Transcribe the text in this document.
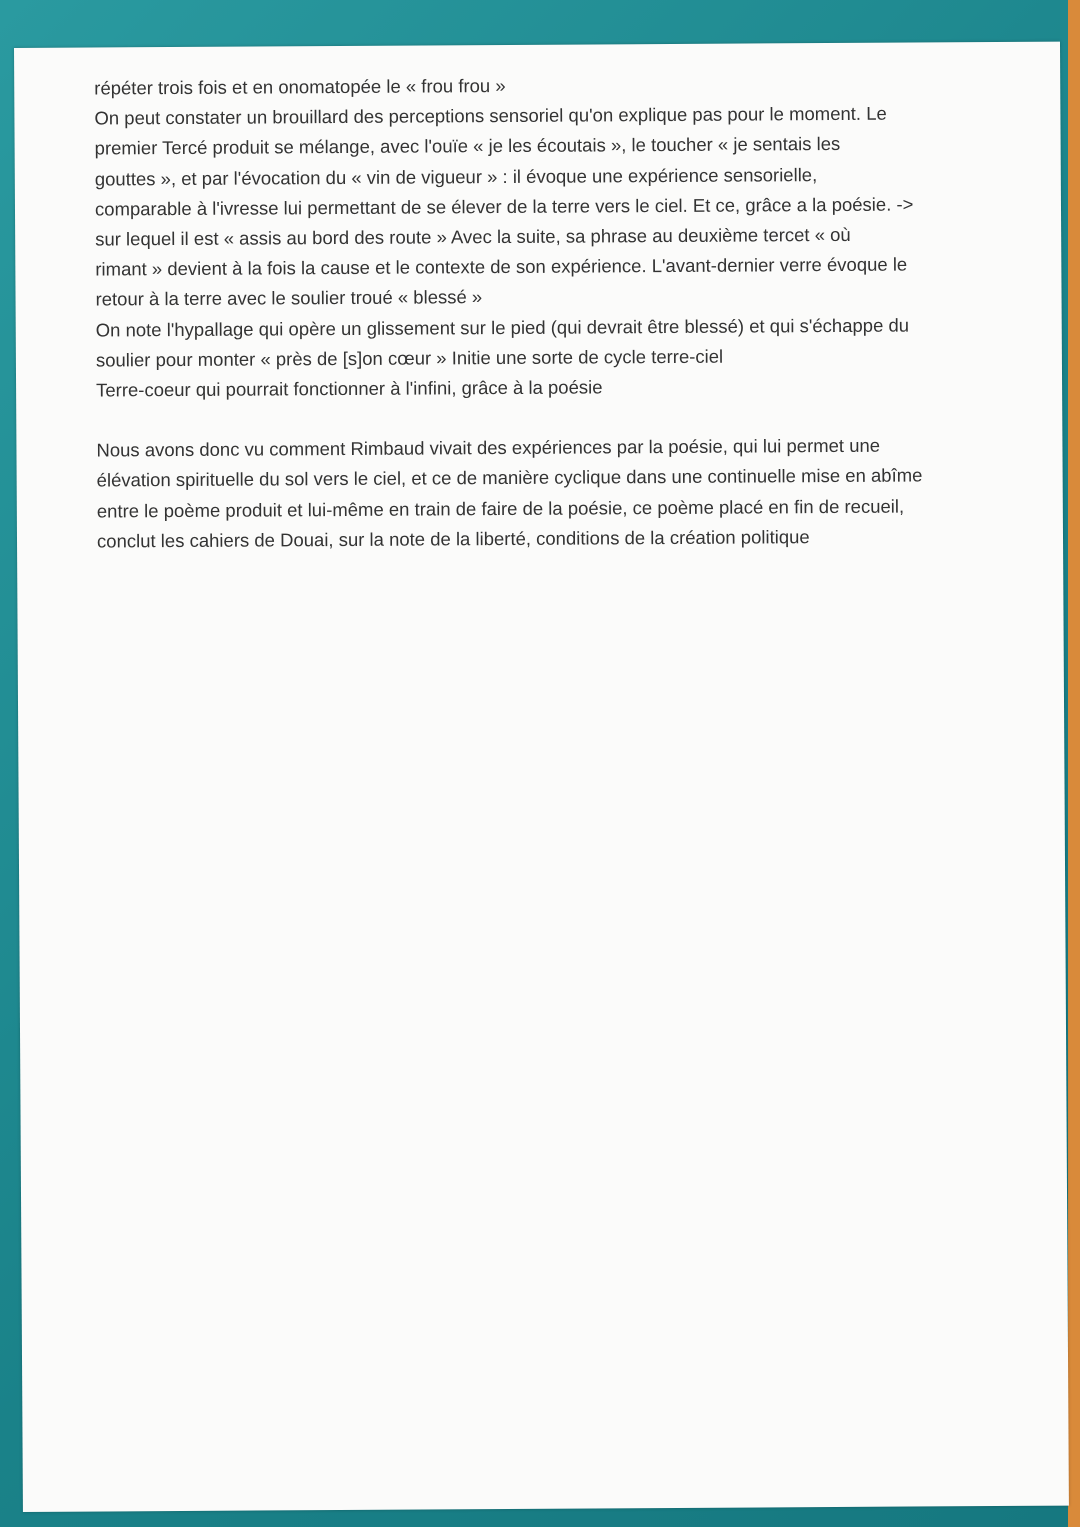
répéter trois fois et en onomatopée le « frou frou »
On peut constater un brouillard des perceptions sensoriel qu'on explique pas pour le moment. Le
premier Tercé produit se mélange, avec l'ouïe « je les écoutais », le toucher « je sentais les
gouttes », et par l'évocation du « vin de vigueur » : il évoque une expérience sensorielle,
comparable à l'ivresse lui permettant de se élever de la terre vers le ciel. Et ce, grâce a la poésie. ->
sur lequel il est « assis au bord des route » Avec la suite, sa phrase au deuxième tercet « où
rimant » devient à la fois la cause et le contexte de son expérience. L'avant-dernier verre évoque le
retour à la terre avec le soulier troué « blessé »
On note l'hypallage qui opère un glissement sur le pied (qui devrait être blessé) et qui s'échappe du
soulier pour monter « près de [s]on cœur » Initie une sorte de cycle terre-ciel
Terre-coeur qui pourrait fonctionner à l'infini, grâce à la poésie
Nous avons donc vu comment Rimbaud vivait des expériences par la poésie, qui lui permet une
élévation spirituelle du sol vers le ciel, et ce de manière cyclique dans une continuelle mise en abîme
entre le poème produit et lui-même en train de faire de la poésie, ce poème placé en fin de recueil,
conclut les cahiers de Douai, sur la note de la liberté, conditions de la création politique
